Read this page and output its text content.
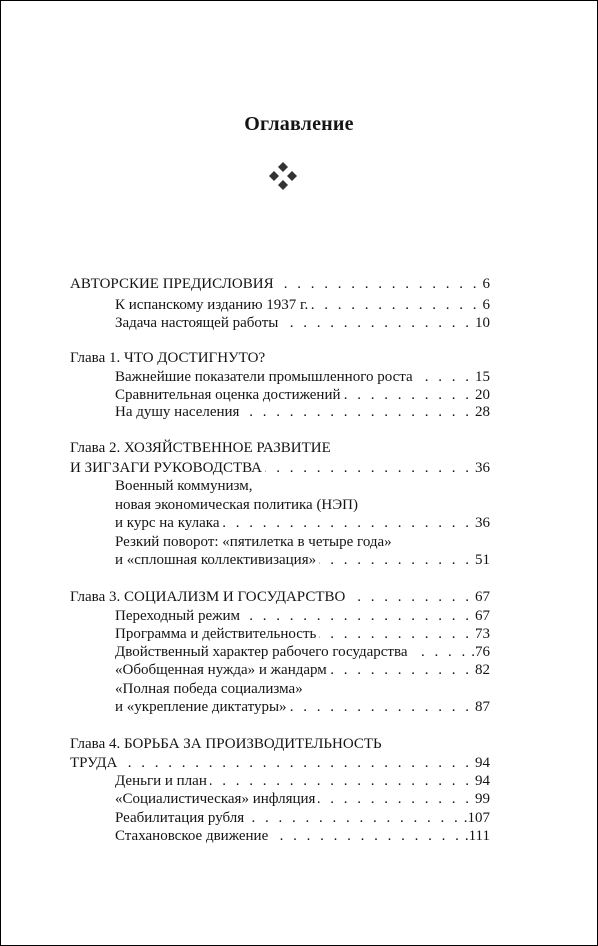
Оглавление
АВТОРСКИЕ ПРЕДИСЛОВИЯ . . .	6
К испанскому изданию 1937 г. . . .	6
Задача настоящей работы . . .	10
Глава 1. ЧТО ДОСТИГНУТО?
Важнейшие показатели промышленного роста . . .	15
Сравнительная оценка достижений . . .	20
На душу населения . . .	28
Глава 2. ХОЗЯЙСТВЕННОЕ РАЗВИТИЕ
И ЗИГЗАГИ РУКОВОДСТВА . . .	36
Военный коммунизм,
новая экономическая политика (НЭП)
и курс на кулака . . .	36
Резкий поворот: «пятилетка в четыре года»
и «сплошная коллективизация» . . .	51
Глава 3. СОЦИАЛИЗМ И ГОСУДАРСТВО . . .	67
Переходный режим . . .	67
Программа и действительность . . .	73
Двойственный характер рабочего государства . . .	.76
«Обобщенная нужда» и жандарм . . .	82
«Полная победа социализма»
и «укрепление диктатуры» . . .	87
Глава 4. БОРЬБА ЗА ПРОИЗВОДИТЕЛЬНОСТЬ
ТРУДА . . .	94
Деньги и план . . .	94
«Социалистическая» инфляция . . .	99
Реабилитация рубля . . .	.107
Стахановское движение . . .	.111
